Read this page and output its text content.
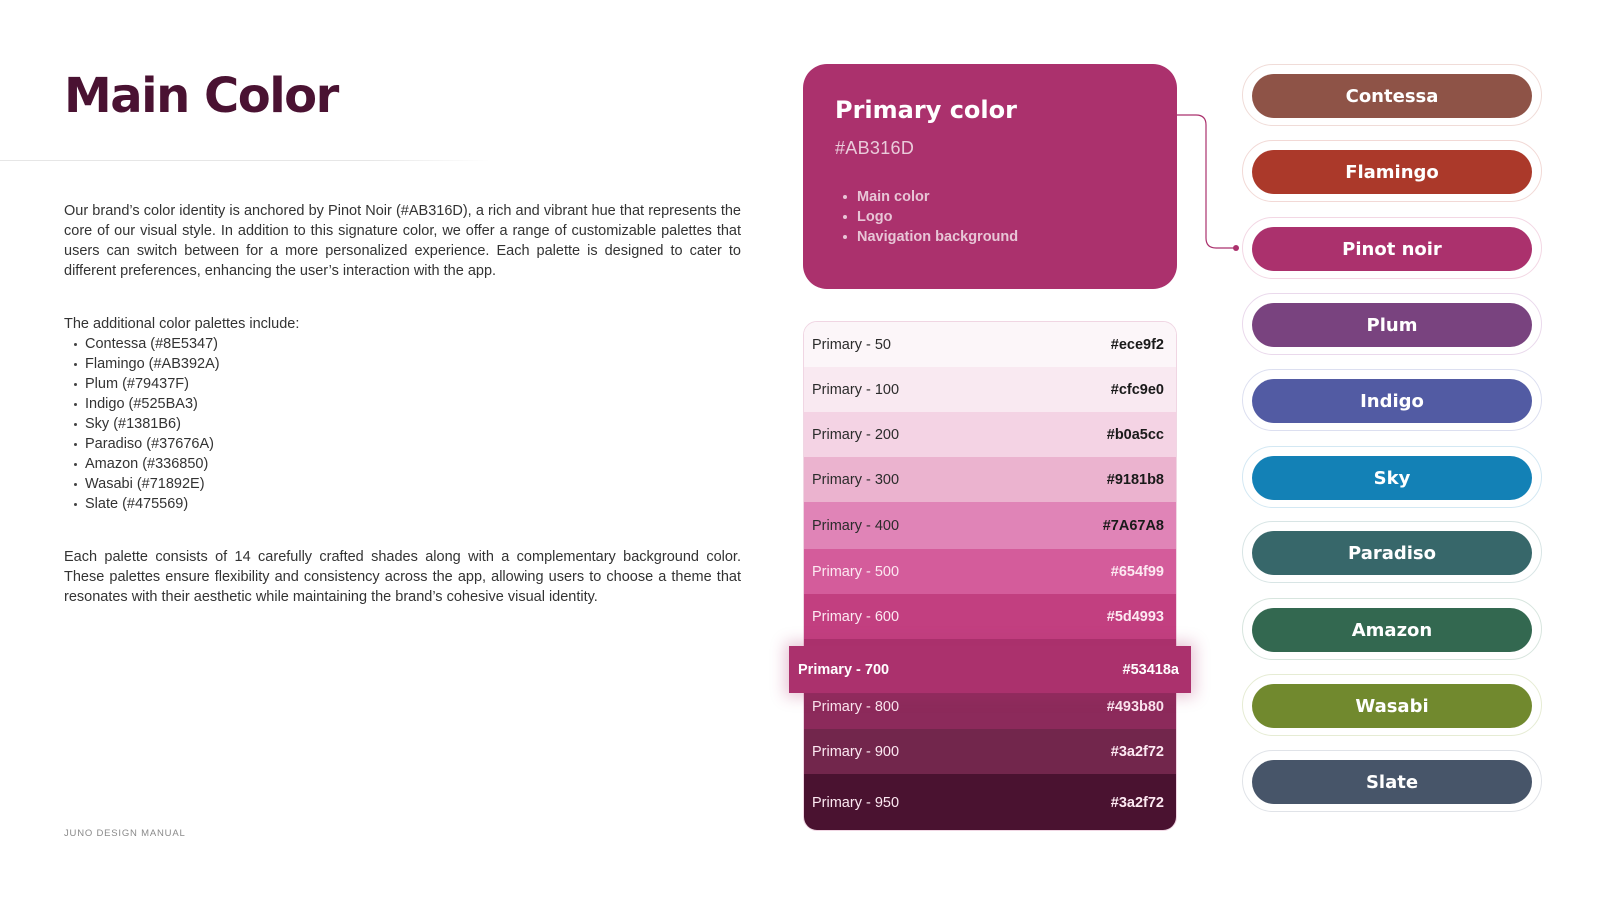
Main Color
Our brand’s color identity is anchored by Pinot Noir (#AB316D), a rich and vibrant hue that represents the core of our visual style. In addition to this signature color, we offer a range of customizable palettes that users can switch between for a more personalized experience. Each palette is designed to cater to different preferences, enhancing the user’s interaction with the app.
The additional color palettes include:
Contessa (#8E5347)
Flamingo (#AB392A)
Plum (#79437F)
Indigo (#525BA3)
Sky (#1381B6)
Paradiso (#37676A)
Amazon (#336850)
Wasabi (#71892E)
Slate (#475569)
Each palette consists of 14 carefully crafted shades along with a complementary background color. These palettes ensure flexibility and consistency across the app, allowing users to choose a theme that resonates with their aesthetic while maintaining the brand’s cohesive visual identity.
JUNO DESIGN MANUAL
Primary color
#AB316D
Main color
Logo
Navigation background
Primary - 50	#ece9f2
Primary - 100	#cfc9e0
Primary - 200	#b0a5cc
Primary - 300	#9181b8
Primary - 400	#7A67A8
Primary - 500	#654f99
Primary - 600	#5d4993
Primary - 800	#493b80
Primary - 900	#3a2f72
Primary - 950	#3a2f72
Primary - 700	#53418a
Contessa
Flamingo
Pinot noir
Plum
Indigo
Sky
Paradiso
Amazon
Wasabi
Slate
